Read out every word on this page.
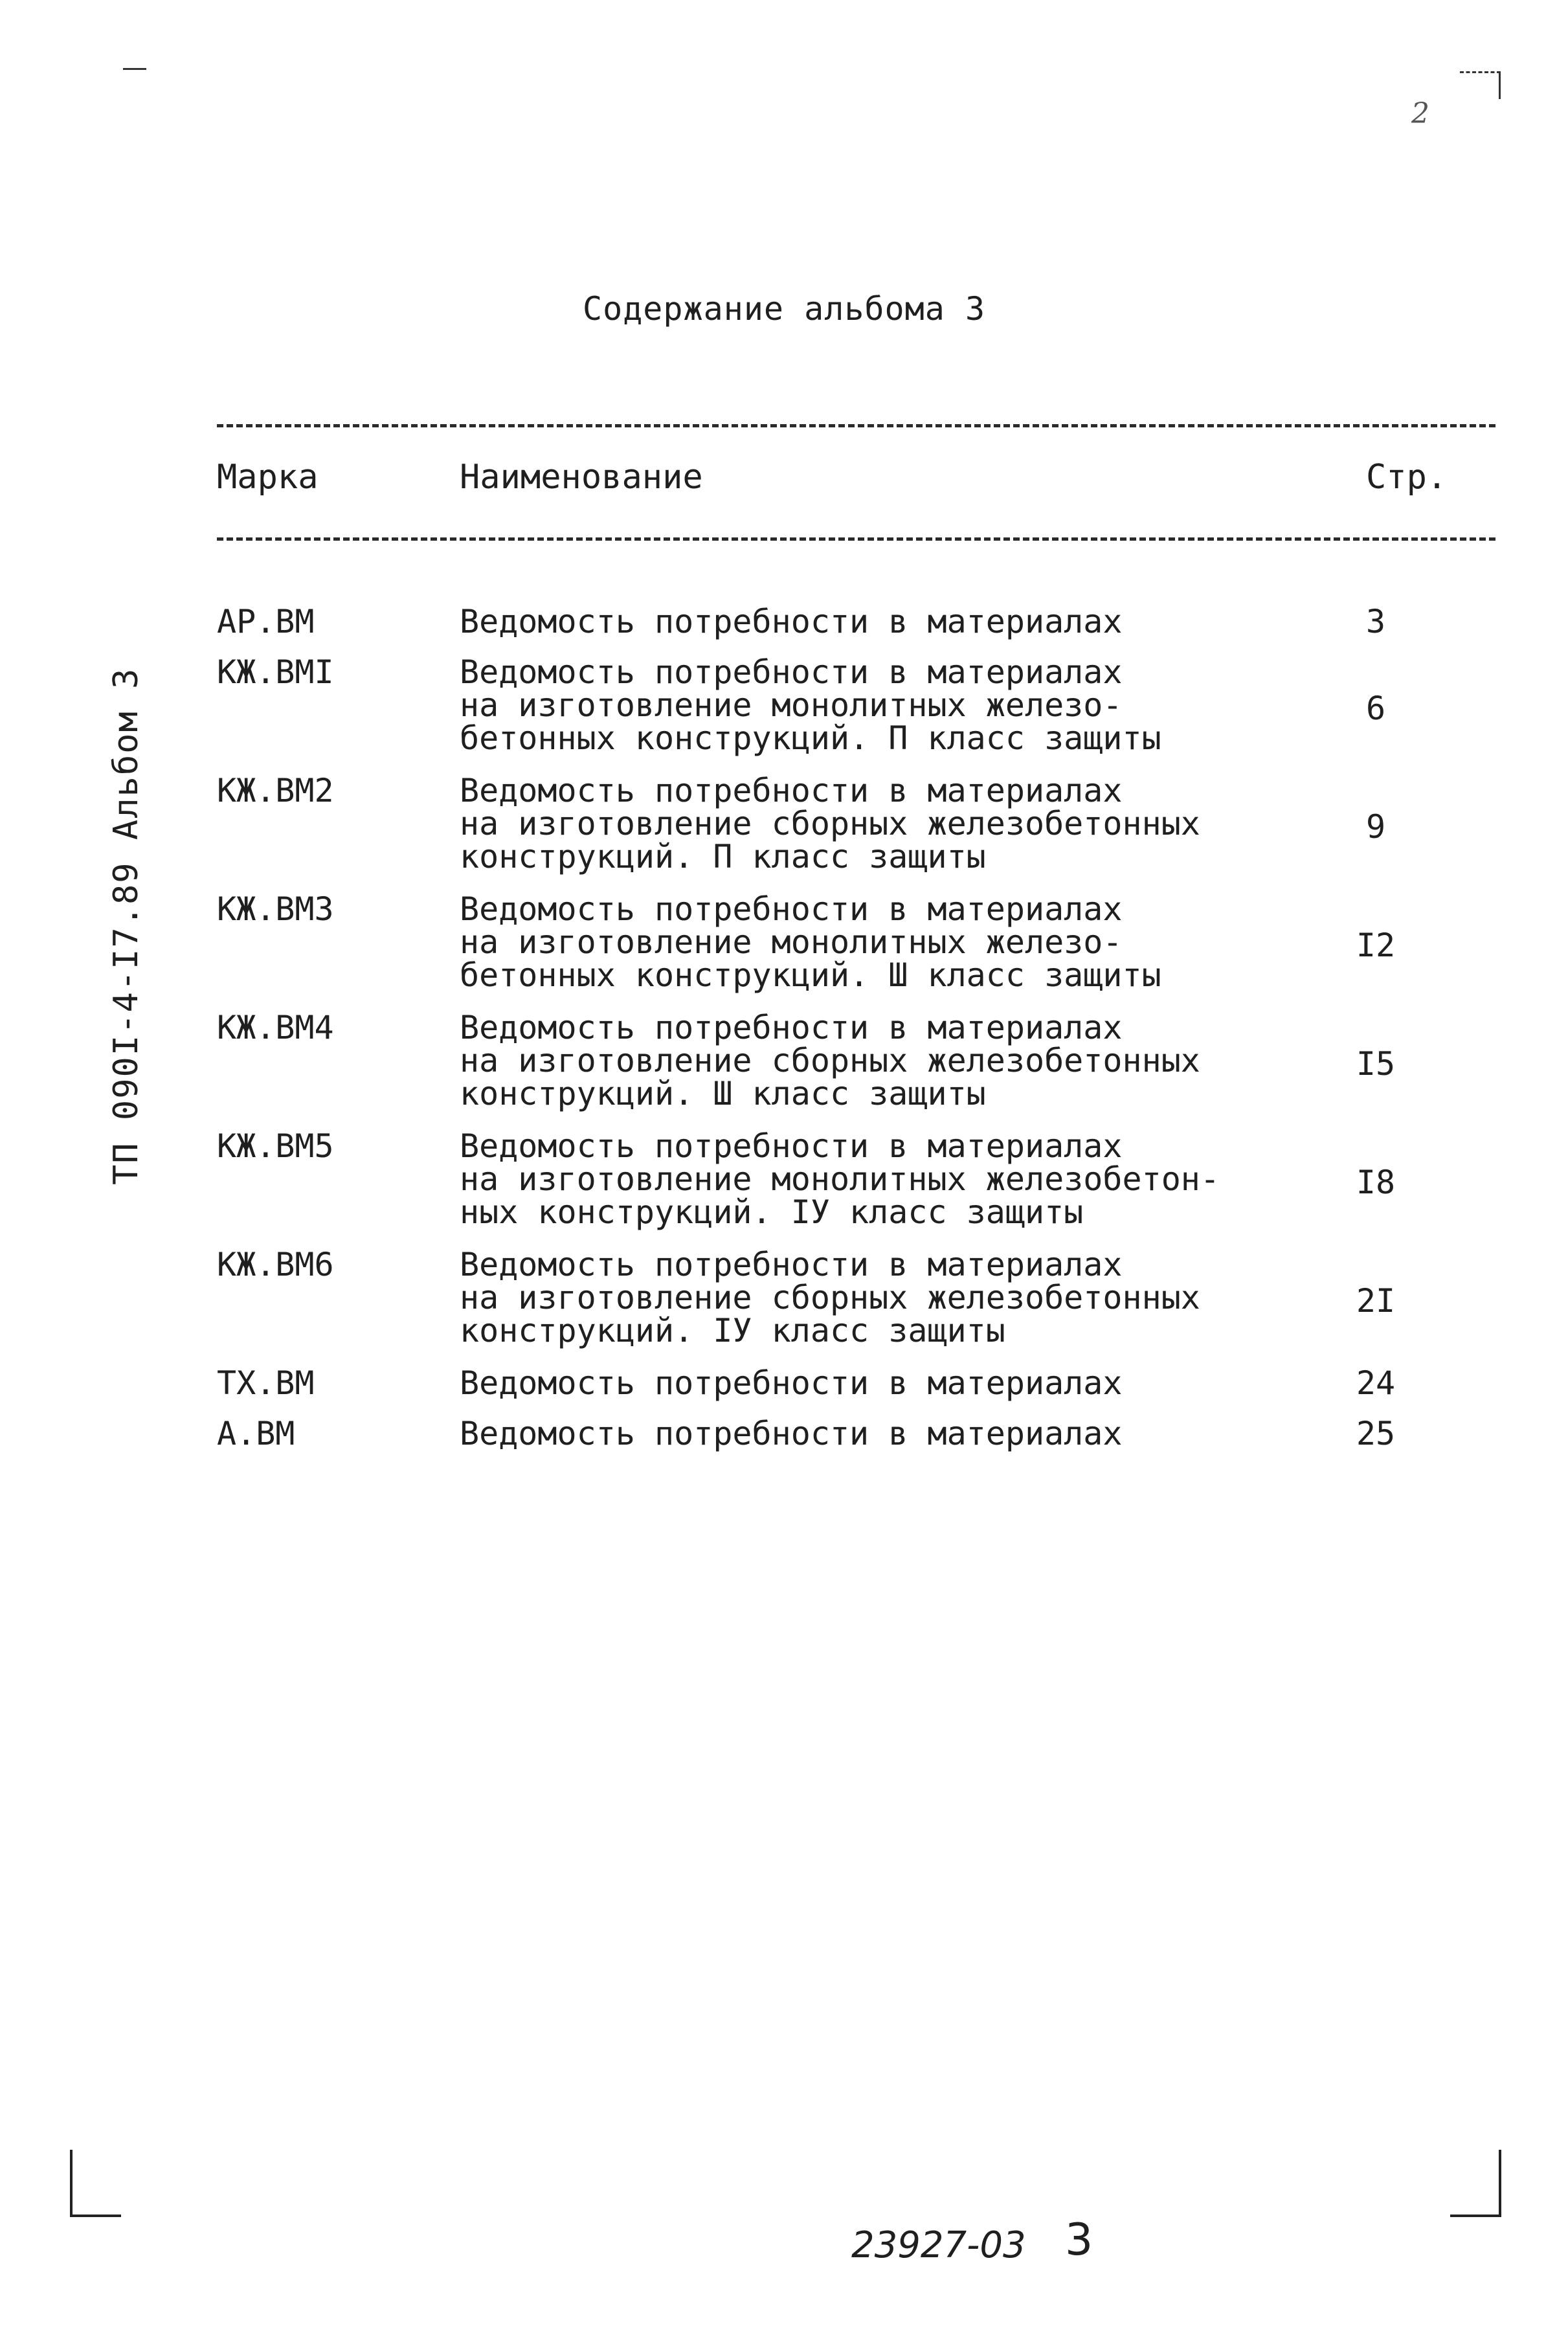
2
Содержание альбома 3
Марка	Наименование	Стр.
ТП 090I-4-I7.89 Альбом 3
АР.ВМ	Ведомость потребности в материалах	3
КЖ.ВМI	Ведомость потребности в материалах
на изготовление монолитных железо-
бетонных конструкций. П класс защиты
6
КЖ.ВМ2	Ведомость потребности в материалах
на изготовление сборных железобетонных
конструкций. П класс защиты
9
КЖ.ВМ3	Ведомость потребности в материалах
на изготовление монолитных железо-
бетонных конструкций. Ш класс защиты
I2
КЖ.ВМ4	Ведомость потребности в материалах
на изготовление сборных железобетонных
конструкций. Ш класс защиты
I5
КЖ.ВМ5	Ведомость потребности в материалах
на изготовление монолитных железобетон-
ных конструкций. IУ класс защиты
I8
КЖ.ВМ6	Ведомость потребности в материалах
на изготовление сборных железобетонных
конструкций. IУ класс защиты
2I
ТХ.ВМ	Ведомость потребности в материалах	24
А.ВМ	Ведомость потребности в материалах	25
23927-03 3
